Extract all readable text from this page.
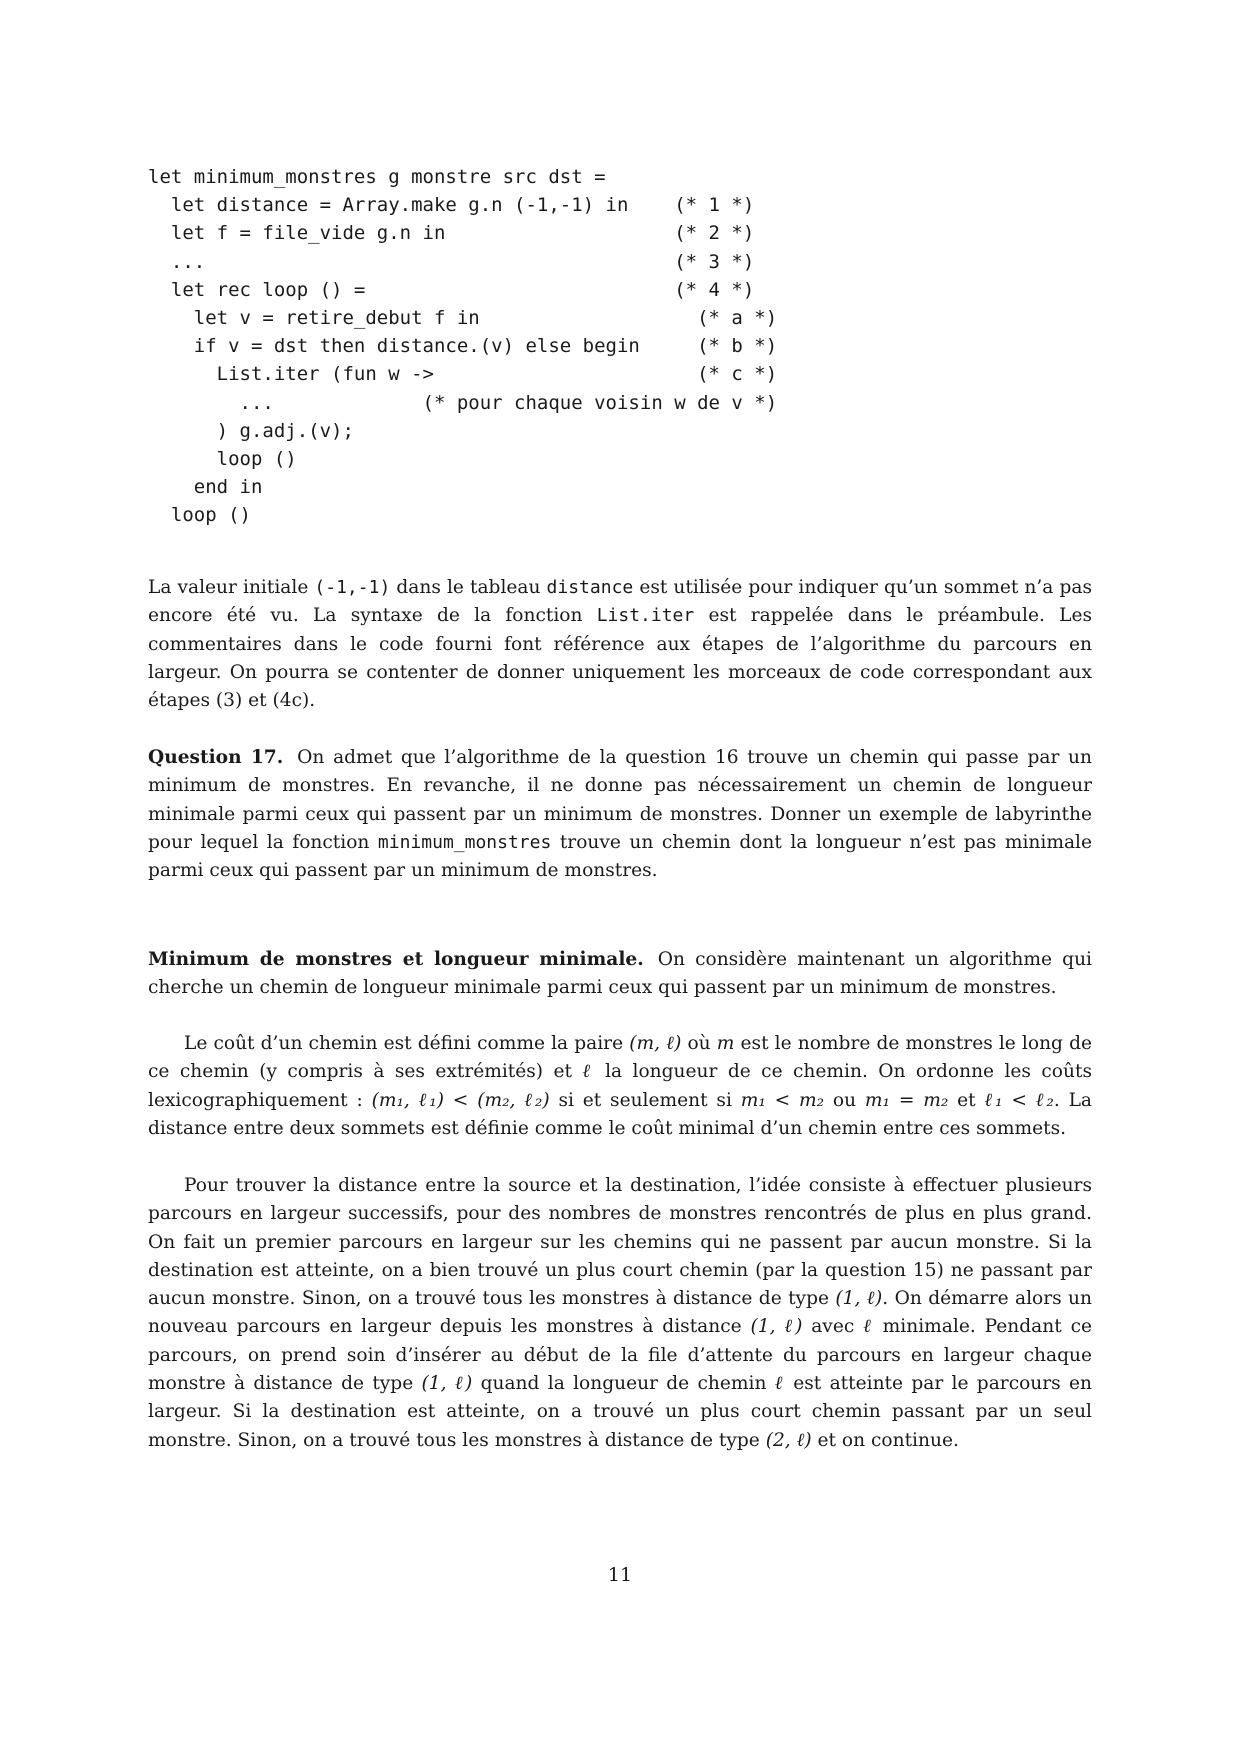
let minimum_monstres g monstre src dst =
let distance = Array.make g.n (-1,-1) in    (* 1 *)
let f = file_vide g.n in                    (* 2 *)
...                                         (* 3 *)
let rec loop () =                           (* 4 *)
let v = retire_debut f in                   (* a *)
if v = dst then distance.(v) else begin     (* b *)
List.iter (fun w ->                       (* c *)
...             (* pour chaque voisin w de v *)
) g.adj.(v);
loop ()
end in
loop ()

La valeur initiale (-1,-1) dans le tableau distance est utilisée pour indiquer qu’un sommet n’a pas encore été vu. La syntaxe de la fonction List.iter est rappelée dans le préambule. Les commentaires dans le code fourni font référence aux étapes de l’algorithme du parcours en largeur. On pourra se contenter de donner uniquement les morceaux de code correspondant aux étapes (3) et (4c).

Question 17. On admet que l’algorithme de la question 16 trouve un chemin qui passe par un minimum de monstres. En revanche, il ne donne pas nécessairement un chemin de longueur minimale parmi ceux qui passent par un minimum de monstres. Donner un exemple de labyrinthe pour lequel la fonction minimum_monstres trouve un chemin dont la longueur n’est pas minimale parmi ceux qui passent par un minimum de monstres.

Minimum de monstres et longueur minimale. On considère maintenant un algorithme qui cherche un chemin de longueur minimale parmi ceux qui passent par un minimum de monstres.

Le coût d’un chemin est défini comme la paire (m, ℓ) où m est le nombre de monstres le long de ce chemin (y compris à ses extrémités) et ℓ la longueur de ce chemin. On ordonne les coûts lexicographiquement : (m₁, ℓ₁) < (m₂, ℓ₂) si et seulement si m₁ < m₂ ou m₁ = m₂ et ℓ₁ < ℓ₂. La distance entre deux sommets est définie comme le coût minimal d’un chemin entre ces sommets.

Pour trouver la distance entre la source et la destination, l’idée consiste à effectuer plusieurs parcours en largeur successifs, pour des nombres de monstres rencontrés de plus en plus grand. On fait un premier parcours en largeur sur les chemins qui ne passent par aucun monstre. Si la destination est atteinte, on a bien trouvé un plus court chemin (par la question 15) ne passant par aucun monstre. Sinon, on a trouvé tous les monstres à distance de type (1, ℓ). On démarre alors un nouveau parcours en largeur depuis les monstres à distance (1, ℓ) avec ℓ minimale. Pendant ce parcours, on prend soin d’insérer au début de la file d’attente du parcours en largeur chaque monstre à distance de type (1, ℓ) quand la longueur de chemin ℓ est atteinte par le parcours en largeur. Si la destination est atteinte, on a trouvé un plus court chemin passant par un seul monstre. Sinon, on a trouvé tous les monstres à distance de type (2, ℓ) et on continue.

11
